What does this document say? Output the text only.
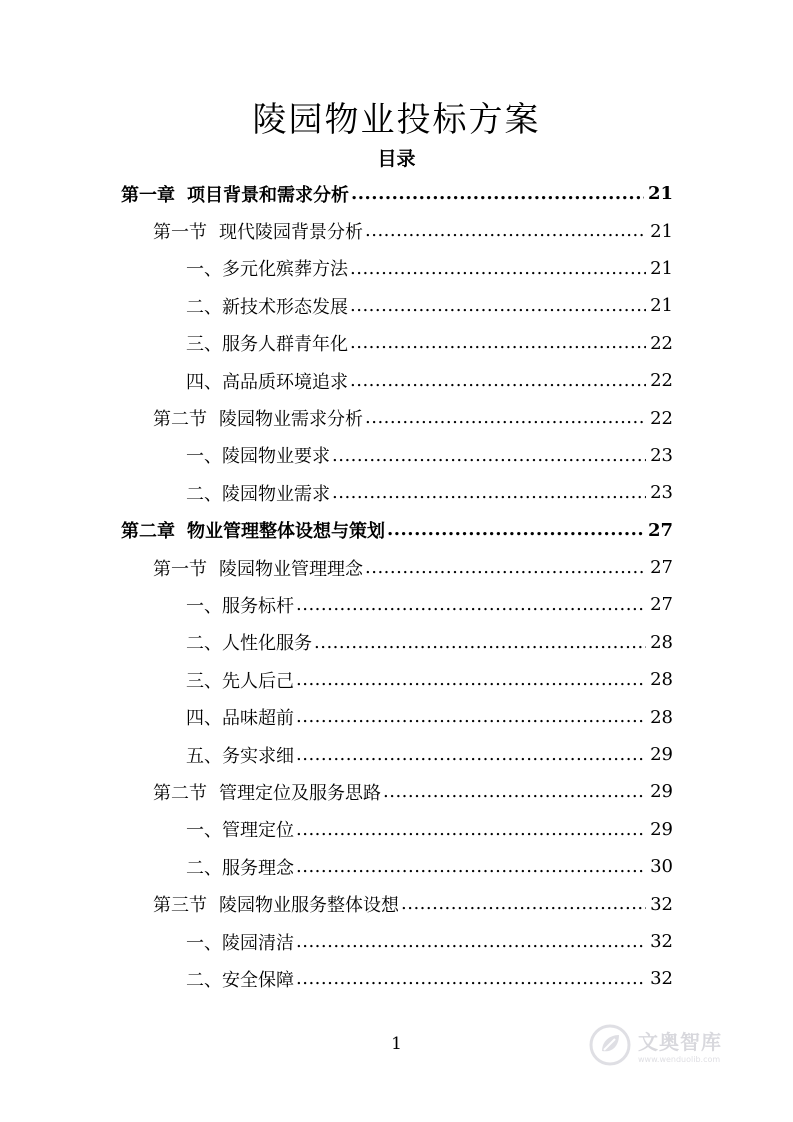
陵园物业投标方案
目录
第一章 项目背景和需求分析 .....	21
第一节 现代陵园背景分析 .....	21
一、多元化殡葬方法 .....	21
二、新技术形态发展 .....	21
三、服务人群青年化 .....	22
四、高品质环境追求 .....	22
第二节 陵园物业需求分析 .....	22
一、陵园物业要求 .....	23
二、陵园物业需求 .....	23
第二章 物业管理整体设想与策划 .....	27
第一节 陵园物业管理理念 .....	27
一、服务标杆 .....	27
二、人性化服务 .....	28
三、先人后己 .....	28
四、品味超前 .....	28
五、务实求细 .....	29
第二节 管理定位及服务思路 .....	29
一、管理定位 .....	29
二、服务理念 .....	30
第三节 陵园物业服务整体设想 .....	32
一、陵园清洁 .....	32
二、安全保障 .....	32
1	文奥智库
www.wenduolib.com
